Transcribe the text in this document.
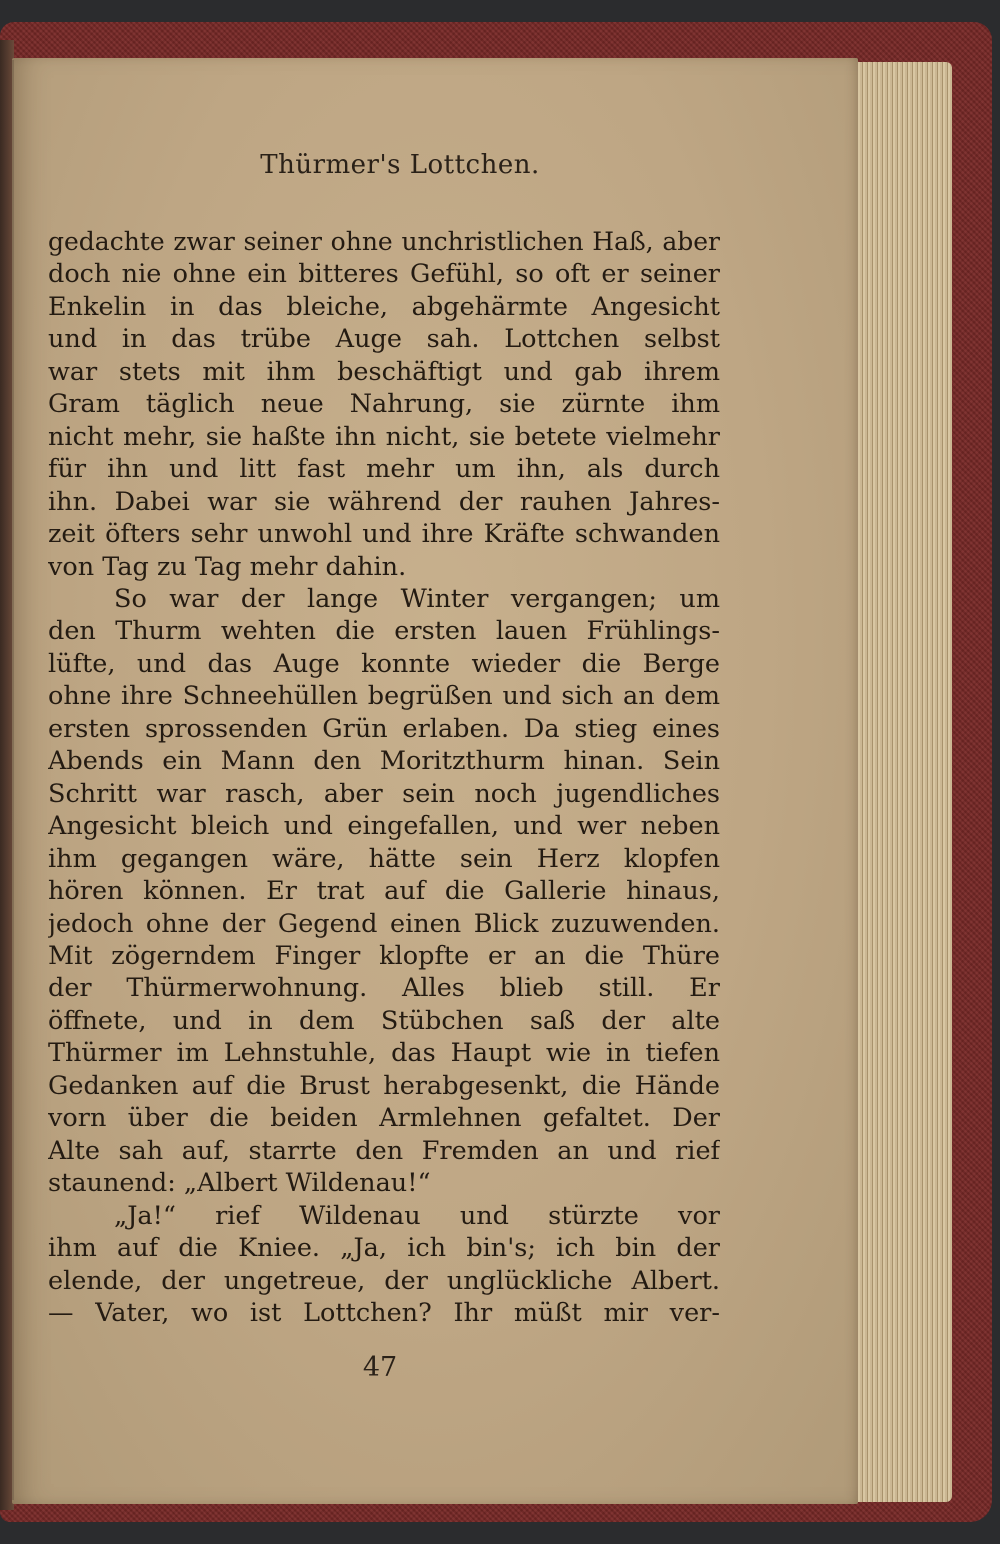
Thürmer's Lottchen.
gedachte zwar seiner ohne unchristlichen Haß, aber
doch nie ohne ein bitteres Gefühl, so oft er seiner
Enkelin in das bleiche, abgehärmte Angesicht
und in das trübe Auge sah. Lottchen selbst
war stets mit ihm beschäftigt und gab ihrem
Gram täglich neue Nahrung, sie zürnte ihm
nicht mehr, sie haßte ihn nicht, sie betete vielmehr
für ihn und litt fast mehr um ihn, als durch
ihn. Dabei war sie während der rauhen Jahres-
zeit öfters sehr unwohl und ihre Kräfte schwanden
von Tag zu Tag mehr dahin.
So war der lange Winter vergangen; um
den Thurm wehten die ersten lauen Frühlings-
lüfte, und das Auge konnte wieder die Berge
ohne ihre Schneehüllen begrüßen und sich an dem
ersten sprossenden Grün erlaben. Da stieg eines
Abends ein Mann den Moritzthurm hinan. Sein
Schritt war rasch, aber sein noch jugendliches
Angesicht bleich und eingefallen, und wer neben
ihm gegangen wäre, hätte sein Herz klopfen
hören können. Er trat auf die Gallerie hinaus,
jedoch ohne der Gegend einen Blick zuzuwenden.
Mit zögerndem Finger klopfte er an die Thüre
der Thürmerwohnung. Alles blieb still. Er
öffnete, und in dem Stübchen saß der alte
Thürmer im Lehnstuhle, das Haupt wie in tiefen
Gedanken auf die Brust herabgesenkt, die Hände
vorn über die beiden Armlehnen gefaltet. Der
Alte sah auf, starrte den Fremden an und rief
staunend: „Albert Wildenau!“
„Ja!“ rief Wildenau und stürzte vor
ihm auf die Kniee. „Ja, ich bin's; ich bin der
elende, der ungetreue, der unglückliche Albert.
— Vater, wo ist Lottchen? Ihr müßt mir ver-
47
